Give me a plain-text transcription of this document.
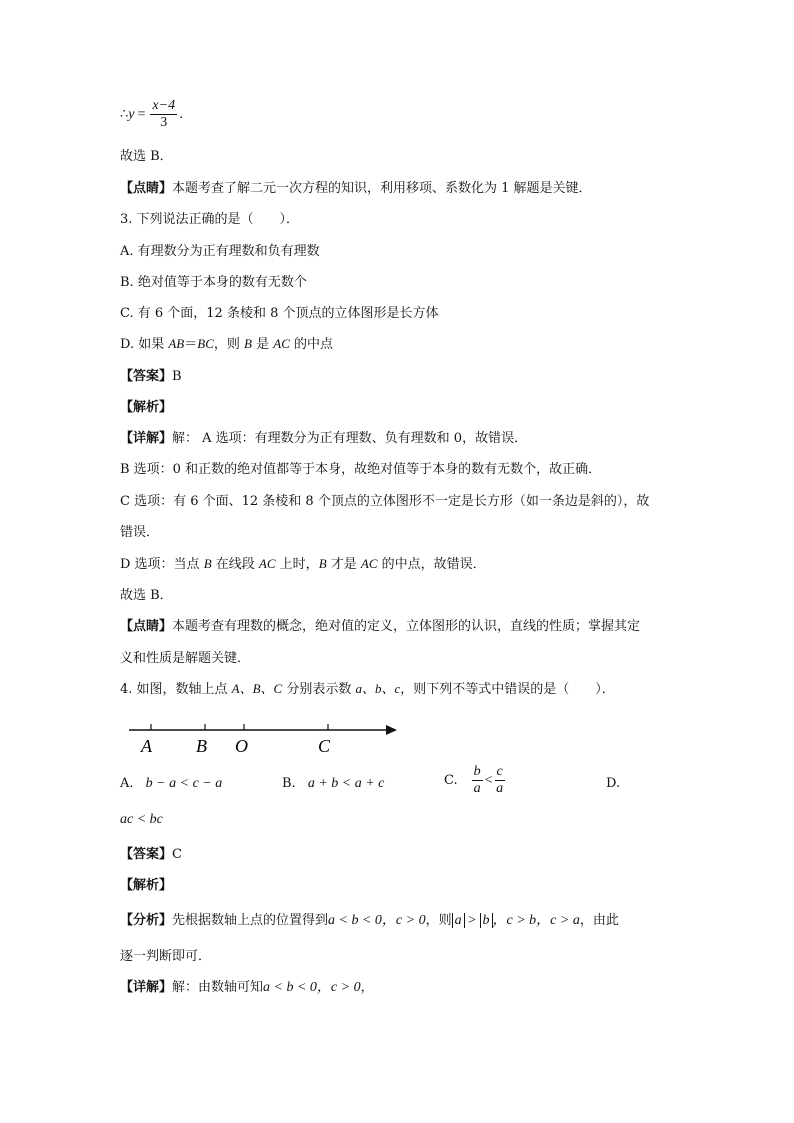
∴ $y = \frac{x-4}{3}$ .
故选 B．
【点睛】本题考查了解二元一次方程的知识，利用移项、系数化为 1 解题是关键．
3. 下列说法正确的是（　　）．
A. 有理数分为正有理数和负有理数
B. 绝对值等于本身的数有无数个
C. 有 6 个面，12 条棱和 8 个顶点的立体图形是长方体
D. 如果 AB＝BC，则 B 是 AC 的中点
【答案】B
【解析】
【详解】解： A 选项：有理数分为正有理数、负有理数和 0，故错误．
B 选项：0 和正数的绝对值都等于本身，故绝对值等于本身的数有无数个，故正确．
C 选项：有 6 个面、12 条棱和 8 个顶点的立体图形不一定是长方形（如一条边是斜的），故
错误．
D 选项：当点 B 在线段 AC 上时，B 才是 AC 的中点，故错误．
故选 B．
【点睛】本题考查有理数的概念，绝对值的定义，立体图形的认识，直线的性质；掌握其定
义和性质是解题关键．
4. 如图，数轴上点 A、B、C 分别表示数 a、b、c，则下列不等式中错误的是（　　）．
A B O	C
A. b − a < c − a	B. a + b < a + c	C. $\frac{b}{a} < \frac{c}{a}$	D.
ac < bc
【答案】C
【解析】
【分析】先根据数轴上点的位置得到a < b < 0，c > 0，则 a > b ，c > b，c > a，由此
逐一判断即可．
【详解】解：由数轴可知a < b < 0，c > 0，
